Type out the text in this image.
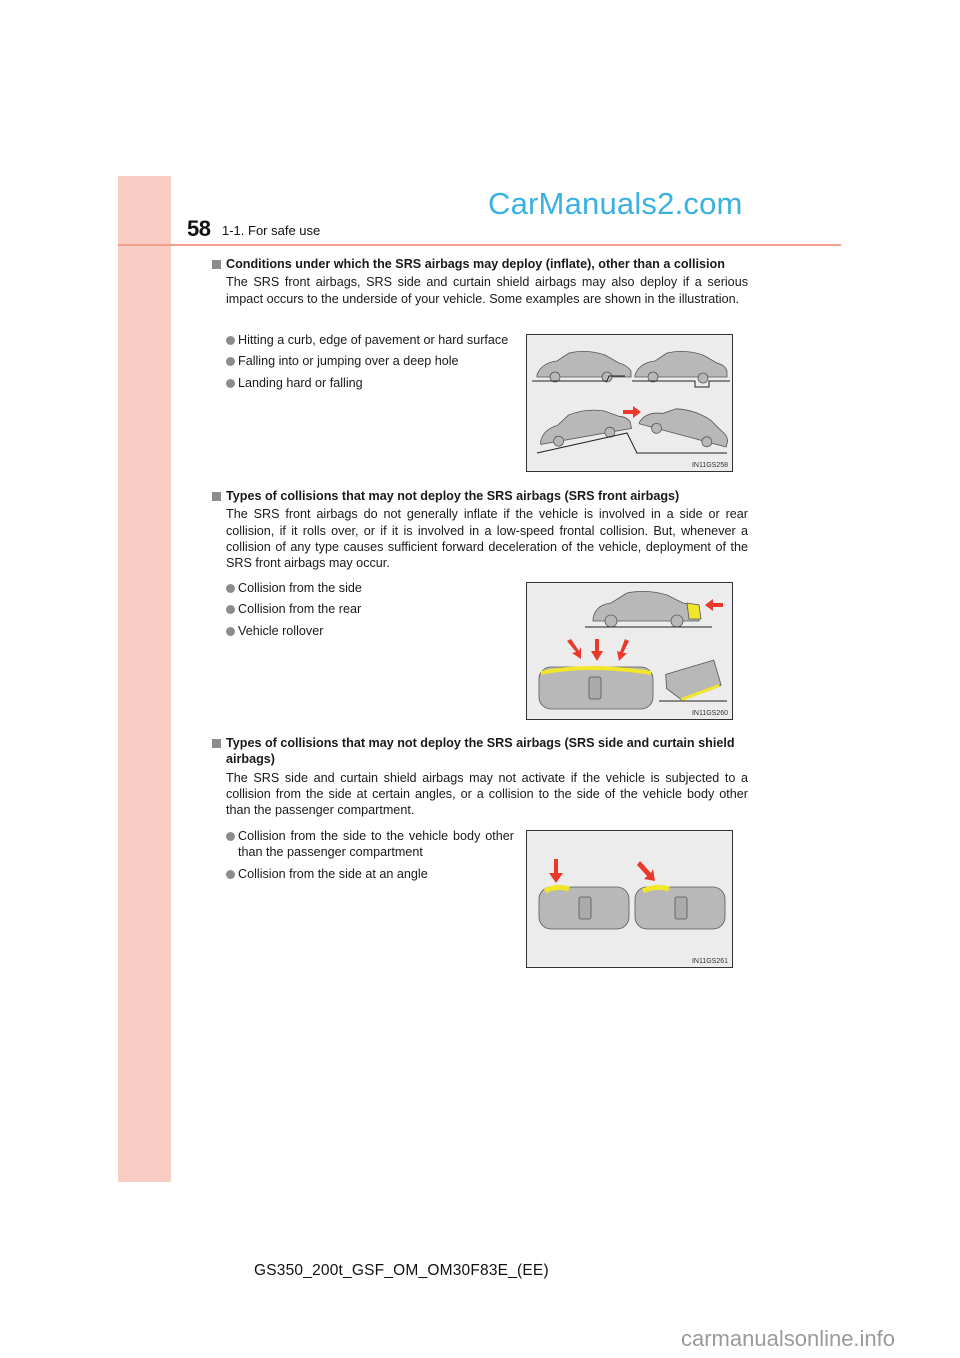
CarManuals2.com
58 1-1. For safe use
Conditions under which the SRS airbags may deploy (inflate), other than a collision
The SRS front airbags, SRS side and curtain shield airbags may also deploy if a serious impact occurs to the underside of your vehicle. Some examples are shown in the illustration.
Hitting a curb, edge of pavement or hard surface
Falling into or jumping over a deep hole
Landing hard or falling
IN11GS258
Types of collisions that may not deploy the SRS airbags (SRS front airbags)
The SRS front airbags do not generally inflate if the vehicle is involved in a side or rear collision, if it rolls over, or if it is involved in a low-speed frontal collision. But, whenever a collision of any type causes sufficient forward deceleration of the vehicle, deployment of the SRS front airbags may occur.
Collision from the side
Collision from the rear
Vehicle rollover
IN11GS260
Types of collisions that may not deploy the SRS airbags (SRS side and curtain shield airbags)
The SRS side and curtain shield airbags may not activate if the vehicle is subjected to a collision from the side at certain angles, or a collision to the side of the vehicle body other than the passenger compartment.
Collision from the side to the vehicle body other than the passenger compartment
Collision from the side at an angle
IN11GS261
GS350_200t_GSF_OM_OM30F83E_(EE)
carmanualsonline.info
